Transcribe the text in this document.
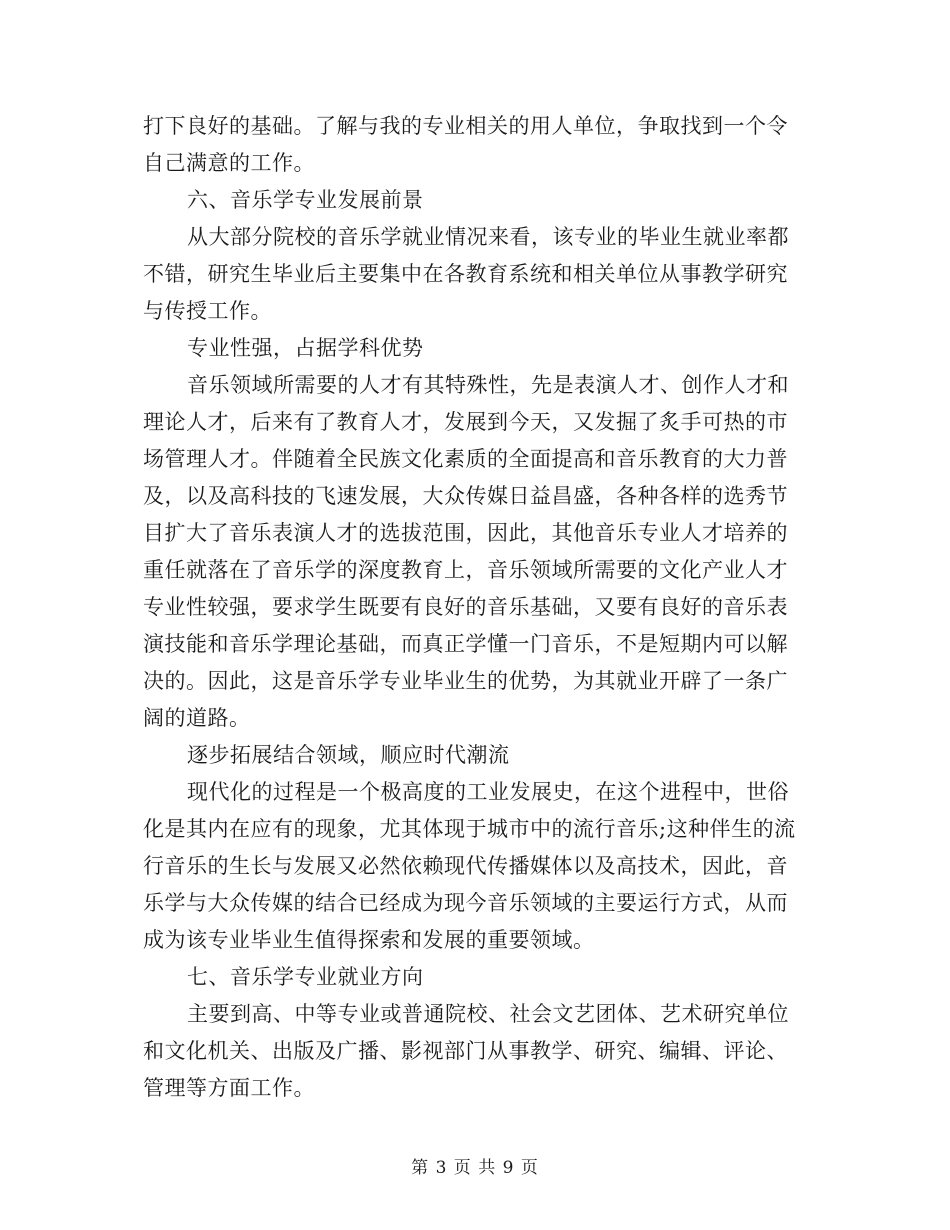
打下良好的基础。了解与我的专业相关的用人单位，争取找到一个令

自己满意的工作。

六、音乐学专业发展前景

从大部分院校的音乐学就业情况来看，该专业的毕业生就业率都

不错，研究生毕业后主要集中在各教育系统和相关单位从事教学研究

与传授工作。

专业性强，占据学科优势

音乐领域所需要的人才有其特殊性，先是表演人才、创作人才和

理论人才，后来有了教育人才，发展到今天，又发掘了炙手可热的市

场管理人才。伴随着全民族文化素质的全面提高和音乐教育的大力普

及，以及高科技的飞速发展，大众传媒日益昌盛，各种各样的选秀节

目扩大了音乐表演人才的选拔范围，因此，其他音乐专业人才培养的

重任就落在了音乐学的深度教育上，音乐领域所需要的文化产业人才

专业性较强，要求学生既要有良好的音乐基础，又要有良好的音乐表

演技能和音乐学理论基础，而真正学懂一门音乐，不是短期内可以解

决的。因此，这是音乐学专业毕业生的优势，为其就业开辟了一条广

阔的道路。

逐步拓展结合领域，顺应时代潮流

现代化的过程是一个极高度的工业发展史，在这个进程中，世俗

化是其内在应有的现象，尤其体现于城市中的流行音乐;这种伴生的流

行音乐的生长与发展又必然依赖现代传播媒体以及高技术，因此，音

乐学与大众传媒的结合已经成为现今音乐领域的主要运行方式，从而

成为该专业毕业生值得探索和发展的重要领域。

七、音乐学专业就业方向

主要到高、中等专业或普通院校、社会文艺团体、艺术研究单位

和文化机关、出版及广播、影视部门从事教学、研究、编辑、评论、

管理等方面工作。

第 3 页 共 9 页
